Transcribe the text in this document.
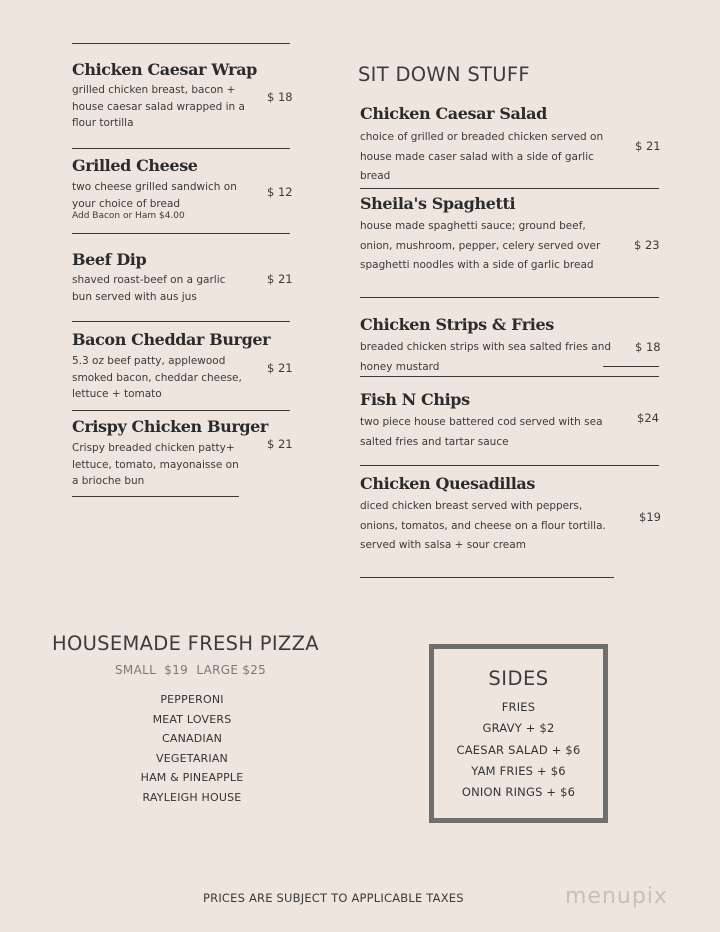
Chicken Caesar Wrap
grilled chicken breast, bacon + house caesar salad wrapped in a flour tortilla
$ 18
Grilled Cheese
two cheese grilled sandwich on your choice of bread
Add Bacon or Ham $4.00
$ 12
Beef Dip
shaved roast-beef on a garlic bun served with aus jus
$ 21
Bacon Cheddar Burger
5.3 oz beef patty, applewood smoked bacon, cheddar cheese, lettuce + tomato
$ 21
Crispy Chicken Burger
Crispy breaded chicken patty+ lettuce, tomato, mayonaisse on a brioche bun
$ 21
SIT DOWN STUFF
Chicken Caesar Salad
choice of grilled or breaded chicken served on house made caser salad with a side of garlic bread
$ 21
Sheila's Spaghetti
house made spaghetti sauce; ground beef, onion, mushroom, pepper, celery served over spaghetti noodles with a side of garlic bread
$ 23
Chicken Strips & Fries
breaded chicken strips with sea salted fries and honey mustard
$ 18
Fish N Chips
two piece house battered cod served with sea salted fries and tartar sauce
$24
Chicken Quesadillas
diced chicken breast served with peppers, onions, tomatos, and cheese on a flour tortilla. served with salsa + sour cream
$19
HOUSEMADE FRESH PIZZA
SMALL  $19  LARGE $25
PEPPERONI
MEAT LOVERS
CANADIAN
VEGETARIAN
HAM & PINEAPPLE
RAYLEIGH HOUSE
SIDES
FRIES
GRAVY + $2
CAESAR SALAD + $6
YAM FRIES + $6
ONION RINGS + $6
PRICES ARE SUBJECT TO APPLICABLE TAXES	menupix
